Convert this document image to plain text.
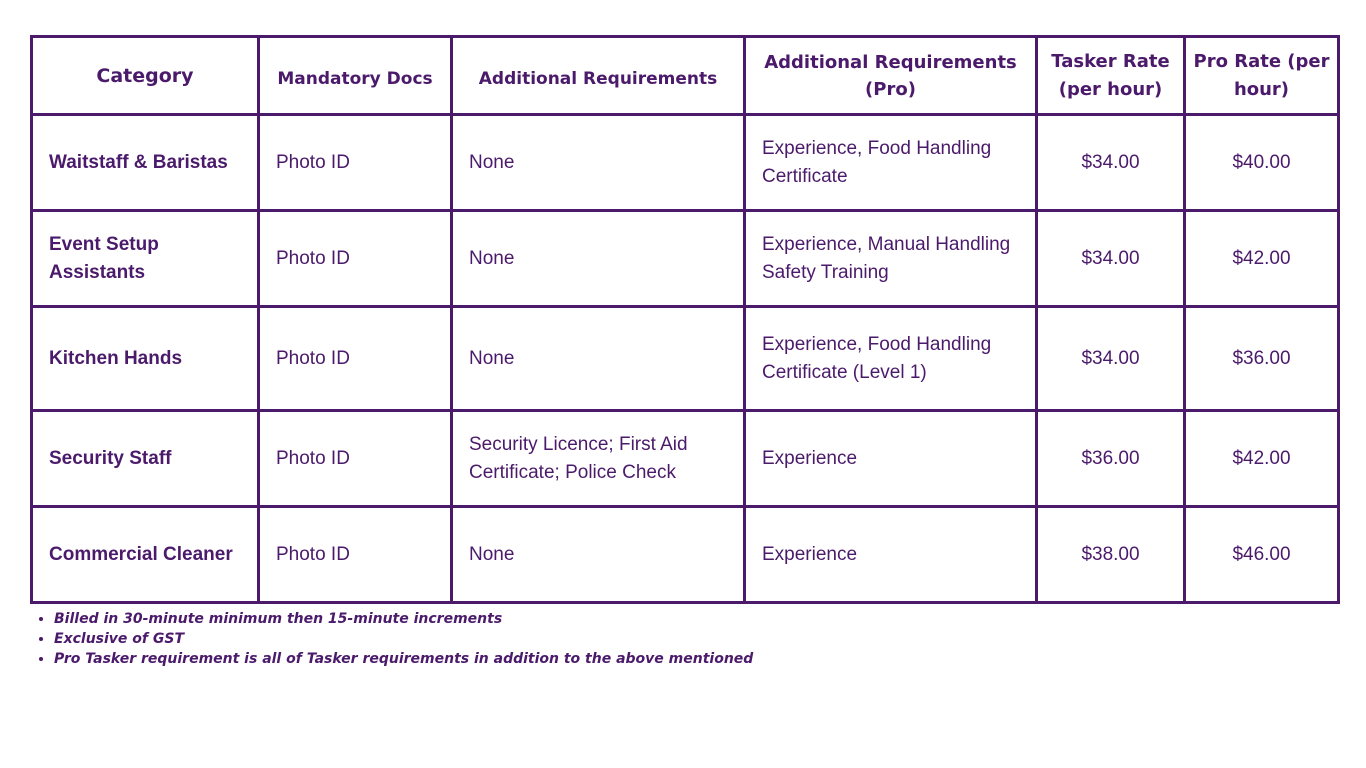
Category	Mandatory Docs	Additional Requirements	Additional Requirements (Pro)	Tasker Rate (per hour)	Pro Rate (per hour)
Waitstaff & Baristas	Photo ID	None	Experience, Food Handling Certificate	$34.00	$40.00
Event Setup Assistants	Photo ID	None	Experience, Manual Handling Safety Training	$34.00	$42.00
Kitchen Hands	Photo ID	None	Experience, Food Handling Certificate (Level 1)	$34.00	$36.00
Security Staff	Photo ID	Security Licence; First Aid Certificate; Police Check	Experience	$36.00	$42.00
Commercial Cleaner	Photo ID	None	Experience	$38.00	$46.00
• Billed in 30-minute minimum then 15-minute increments
• Exclusive of GST
• Pro Tasker requirement is all of Tasker requirements in addition to the above mentioned
